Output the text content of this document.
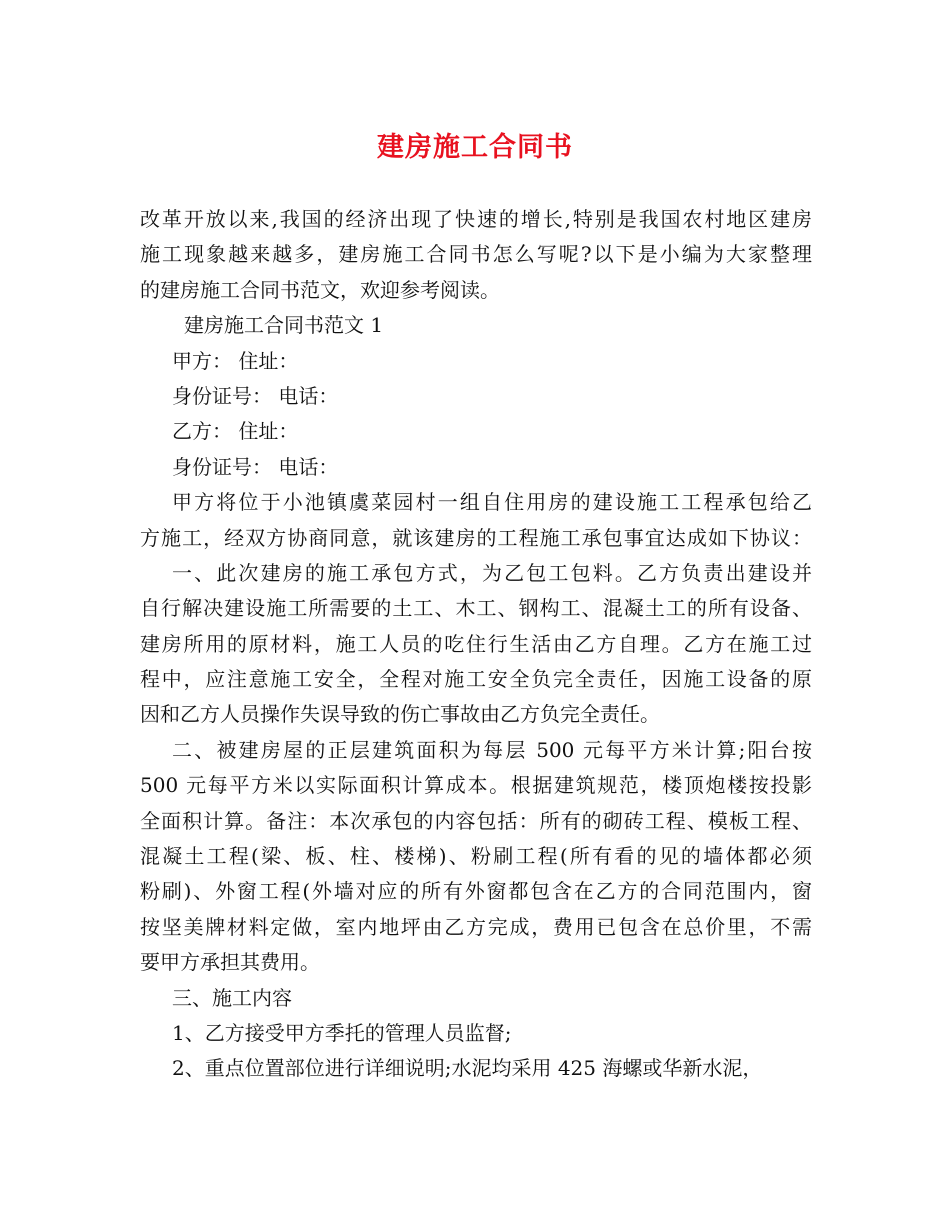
建房施工合同书
改革开放以来,我国的经济出现了快速的增长,特别是我国农村地区建房
施工现象越来越多，建房施工合同书怎么写呢?以下是小编为大家整理
的建房施工合同书范文，欢迎参考阅读。
建房施工合同书范文 1
甲方： 住址：
身份证号： 电话：
乙方： 住址：
身份证号： 电话：
甲方将位于小池镇虞菜园村一组自住用房的建设施工工程承包给乙
方施工，经双方协商同意，就该建房的工程施工承包事宜达成如下协议：
一、此次建房的施工承包方式，为乙包工包料。乙方负责出建设并
自行解决建设施工所需要的土工、木工、钢构工、混凝土工的所有设备、
建房所用的原材料，施工人员的吃住行生活由乙方自理。乙方在施工过
程中，应注意施工安全，全程对施工安全负完全责任，因施工设备的原
因和乙方人员操作失误导致的伤亡事故由乙方负完全责任。
二、被建房屋的正层建筑面积为每层 500 元每平方米计算;阳台按
500 元每平方米以实际面积计算成本。根据建筑规范，楼顶炮楼按投影
全面积计算。备注：本次承包的内容包括：所有的砌砖工程、模板工程、
混凝土工程(梁、板、柱、楼梯)、粉刷工程(所有看的见的墙体都必须
粉刷)、外窗工程(外墙对应的所有外窗都包含在乙方的合同范围内，窗
按坚美牌材料定做，室内地坪由乙方完成，费用已包含在总价里，不需
要甲方承担其费用。
三、施工内容
1、乙方接受甲方季托的管理人员监督;
2、重点位置部位进行详细说明;水泥均采用 425 海螺或华新水泥，
